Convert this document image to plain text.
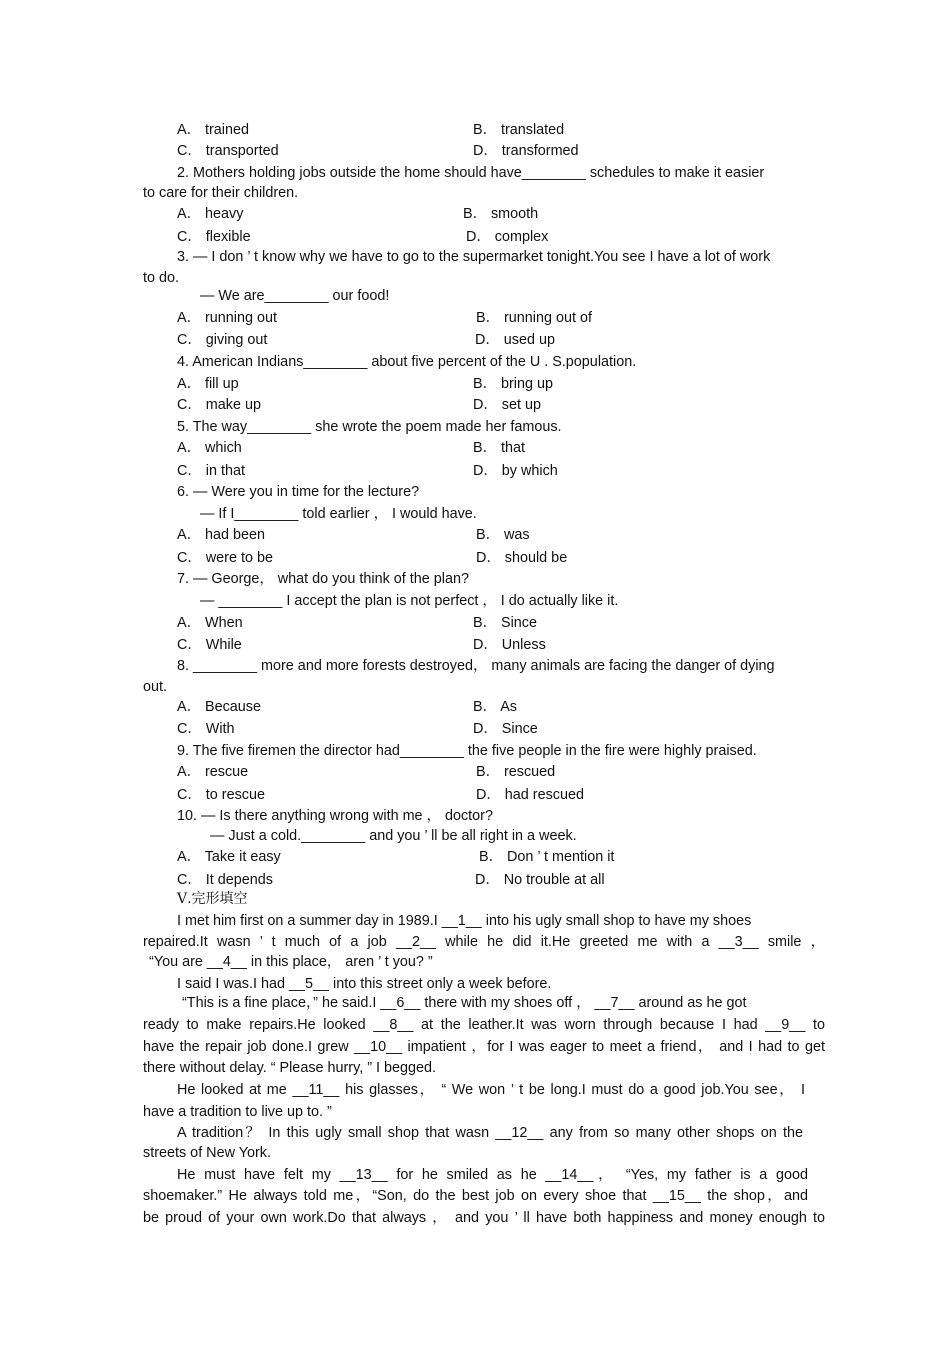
A． trained	B． translated
C． transported	D． transformed
2. Mothers holding jobs outside the home should have________ schedules to make it easier
to care for their children.
A． heavy	B． smooth
C． flexible	D． complex
3. — I don ’ t know why we have to go to the supermarket tonight.You see I have a lot of work
to do.
— We are________ our food!
A． running out	B． running out of
C． giving out	D． used up
4. American Indians________ about five percent of the U . S.population.
A． fill up	B． bring up
C． make up	D． set up
5. The way________ she wrote the poem made her famous.
A． which	B． that
C． in that	D． by which
6. — Were you in time for the lecture?
— If I________ told earlier ， I would have.
A． had been	B． was
C． were to be	D． should be
7. — George， what do you think of the plan?
— ________ I accept the plan is not perfect ， I do actually like it.
A． When	B． Since
C． While	D． Unless
8. ________ more and more forests destroyed， many animals are facing the danger of dying
out.
A． Because	B． As
C． With	D． Since
9. The five firemen the director had________ the five people in the fire were highly praised.
A． rescue	B． rescued
C． to rescue	D． had rescued
10. — Is there anything wrong with me ， doctor?
— Just a cold.________ and you ’ ll be all right in a week.
A． Take it easy	B． Don ’ t mention it
C． It depends	D． No trouble at all
Ⅴ.完形填空
I met him first on a summer day in 1989.I __1__ into his ugly small shop to have my shoes
repaired.It wasn ’ t much of a job __2__ while he did it.He greeted me with a __3__ smile ，
“You are __4__ in this place， aren ’ t you? ”
I said I was.I had __5__ into this street only a week before.
“This is a fine place，” he said.I __6__ there with my shoes off ， __7__ around as he got
ready to make repairs.He looked __8__ at the leather.It was worn through because I had __9__ to
have the repair job done.I grew __10__ impatient ，for I was eager to meet a friend， and I had to get
there without delay. “ Please hurry, ” I begged.
He looked at me __11__ his glasses， “ We won ’ t be long.I must do a good job.You see， I
have a tradition to live up to. ”
A tradition？ In this ugly small shop that wasn __12__ any from so many other shops on the
streets of New York.
He must have felt my __13__ for he smiled as he __14__， “Yes, my father is a good
shoemaker.” He always told me，“Son, do the best job on every shoe that __15__ the shop，and
be proud of your own work.Do that always ， and you ’ ll have both happiness and money enough to
